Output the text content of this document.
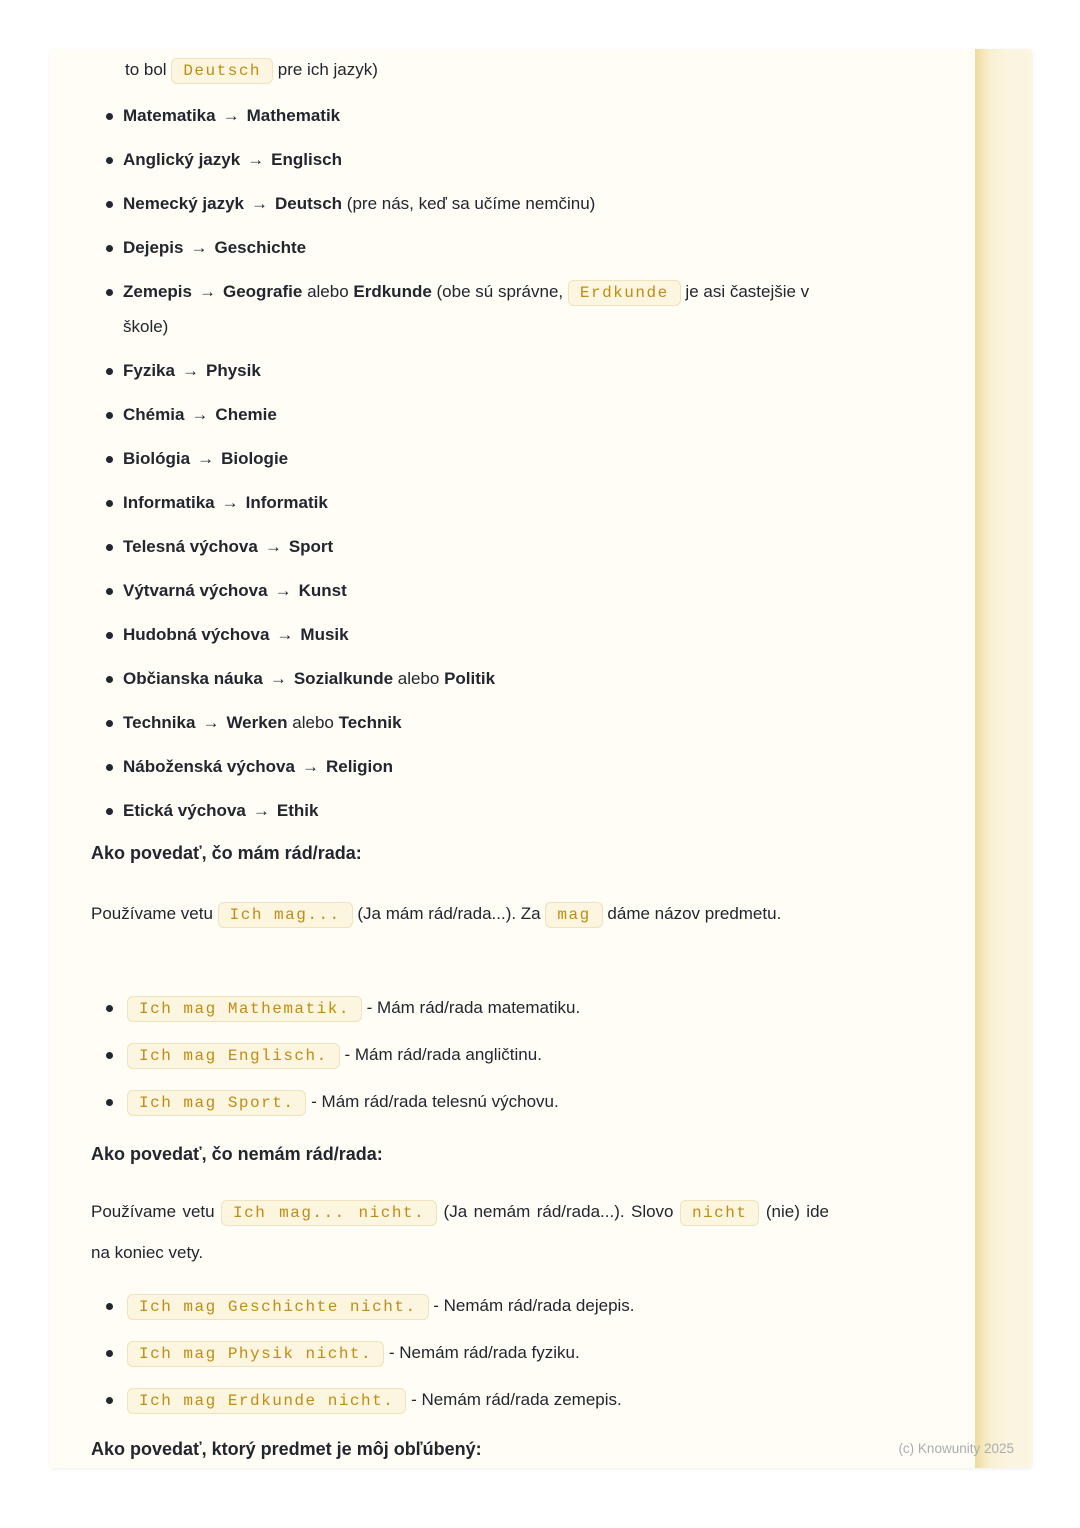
to bol Deutsch pre ich jazyk)
Matematika → Mathematik
Anglický jazyk → Englisch
Nemecký jazyk → Deutsch (pre nás, keď sa učíme nemčinu)
Dejepis → Geschichte
Zemepis → Geografie alebo Erdkunde (obe sú správne, Erdkunde je asi častejšie v škole)
Fyzika → Physik
Chémia → Chemie
Biológia → Biologie
Informatika → Informatik
Telesná výchova → Sport
Výtvarná výchova → Kunst
Hudobná výchova → Musik
Občianska náuka → Sozialkunde alebo Politik
Technika → Werken alebo Technik
Náboženská výchova → Religion
Etická výchova → Ethik
Ako povedať, čo mám rád/rada:

Používame vetu Ich mag... (Ja mám rád/rada...). Za mag dáme názov predmetu.

Ich mag Mathematik. - Mám rád/rada matematiku.
Ich mag Englisch. - Mám rád/rada angličtinu.
Ich mag Sport. - Mám rád/rada telesnú výchovu.
Ako povedať, čo nemám rád/rada:

Používame vetu Ich mag... nicht. (Ja nemám rád/rada...). Slovo nicht (nie) ide na koniec vety.

Ich mag Geschichte nicht. - Nemám rád/rada dejepis.
Ich mag Physik nicht. - Nemám rád/rada fyziku.
Ich mag Erdkunde nicht. - Nemám rád/rada zemepis.
Ako povedať, ktorý predmet je môj obľúbený:	(c) Knowunity 2025
